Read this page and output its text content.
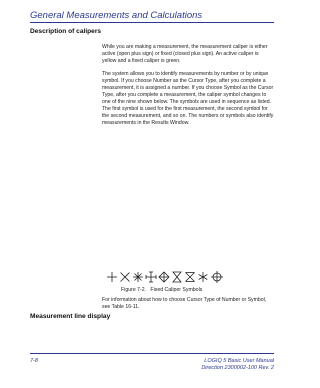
General Measurements and Calculations
Description of calipers

While you are making a measurement, the measurement caliper is either active (open plus sign) or fixed (closed plus sign). An active caliper is yellow and a fixed caliper is green.

The system allows you to identify measurements by number or by unique symbol. If you choose Number as the Cursor Type, after you complete a measurement, it is assigned a number. If you choose Symbol as the Cursor Type, after you complete a measurement, the caliper symbol changes to one of the nine shown below. The symbols are used in sequence as listed. The first symbol is used for the first measurement, the second symbol for the second measurement, and so on. The numbers or symbols also identify measurements in the Results Window.

Figure 7-2. Fixed Caliper Symbols

For information about how to choose Cursor Type of Number or Symbol, see Table 16-11.

Measurement line display

7-8	LOGIQ 5 Basic User Manual
Direction 2300002-100 Rev. 2
